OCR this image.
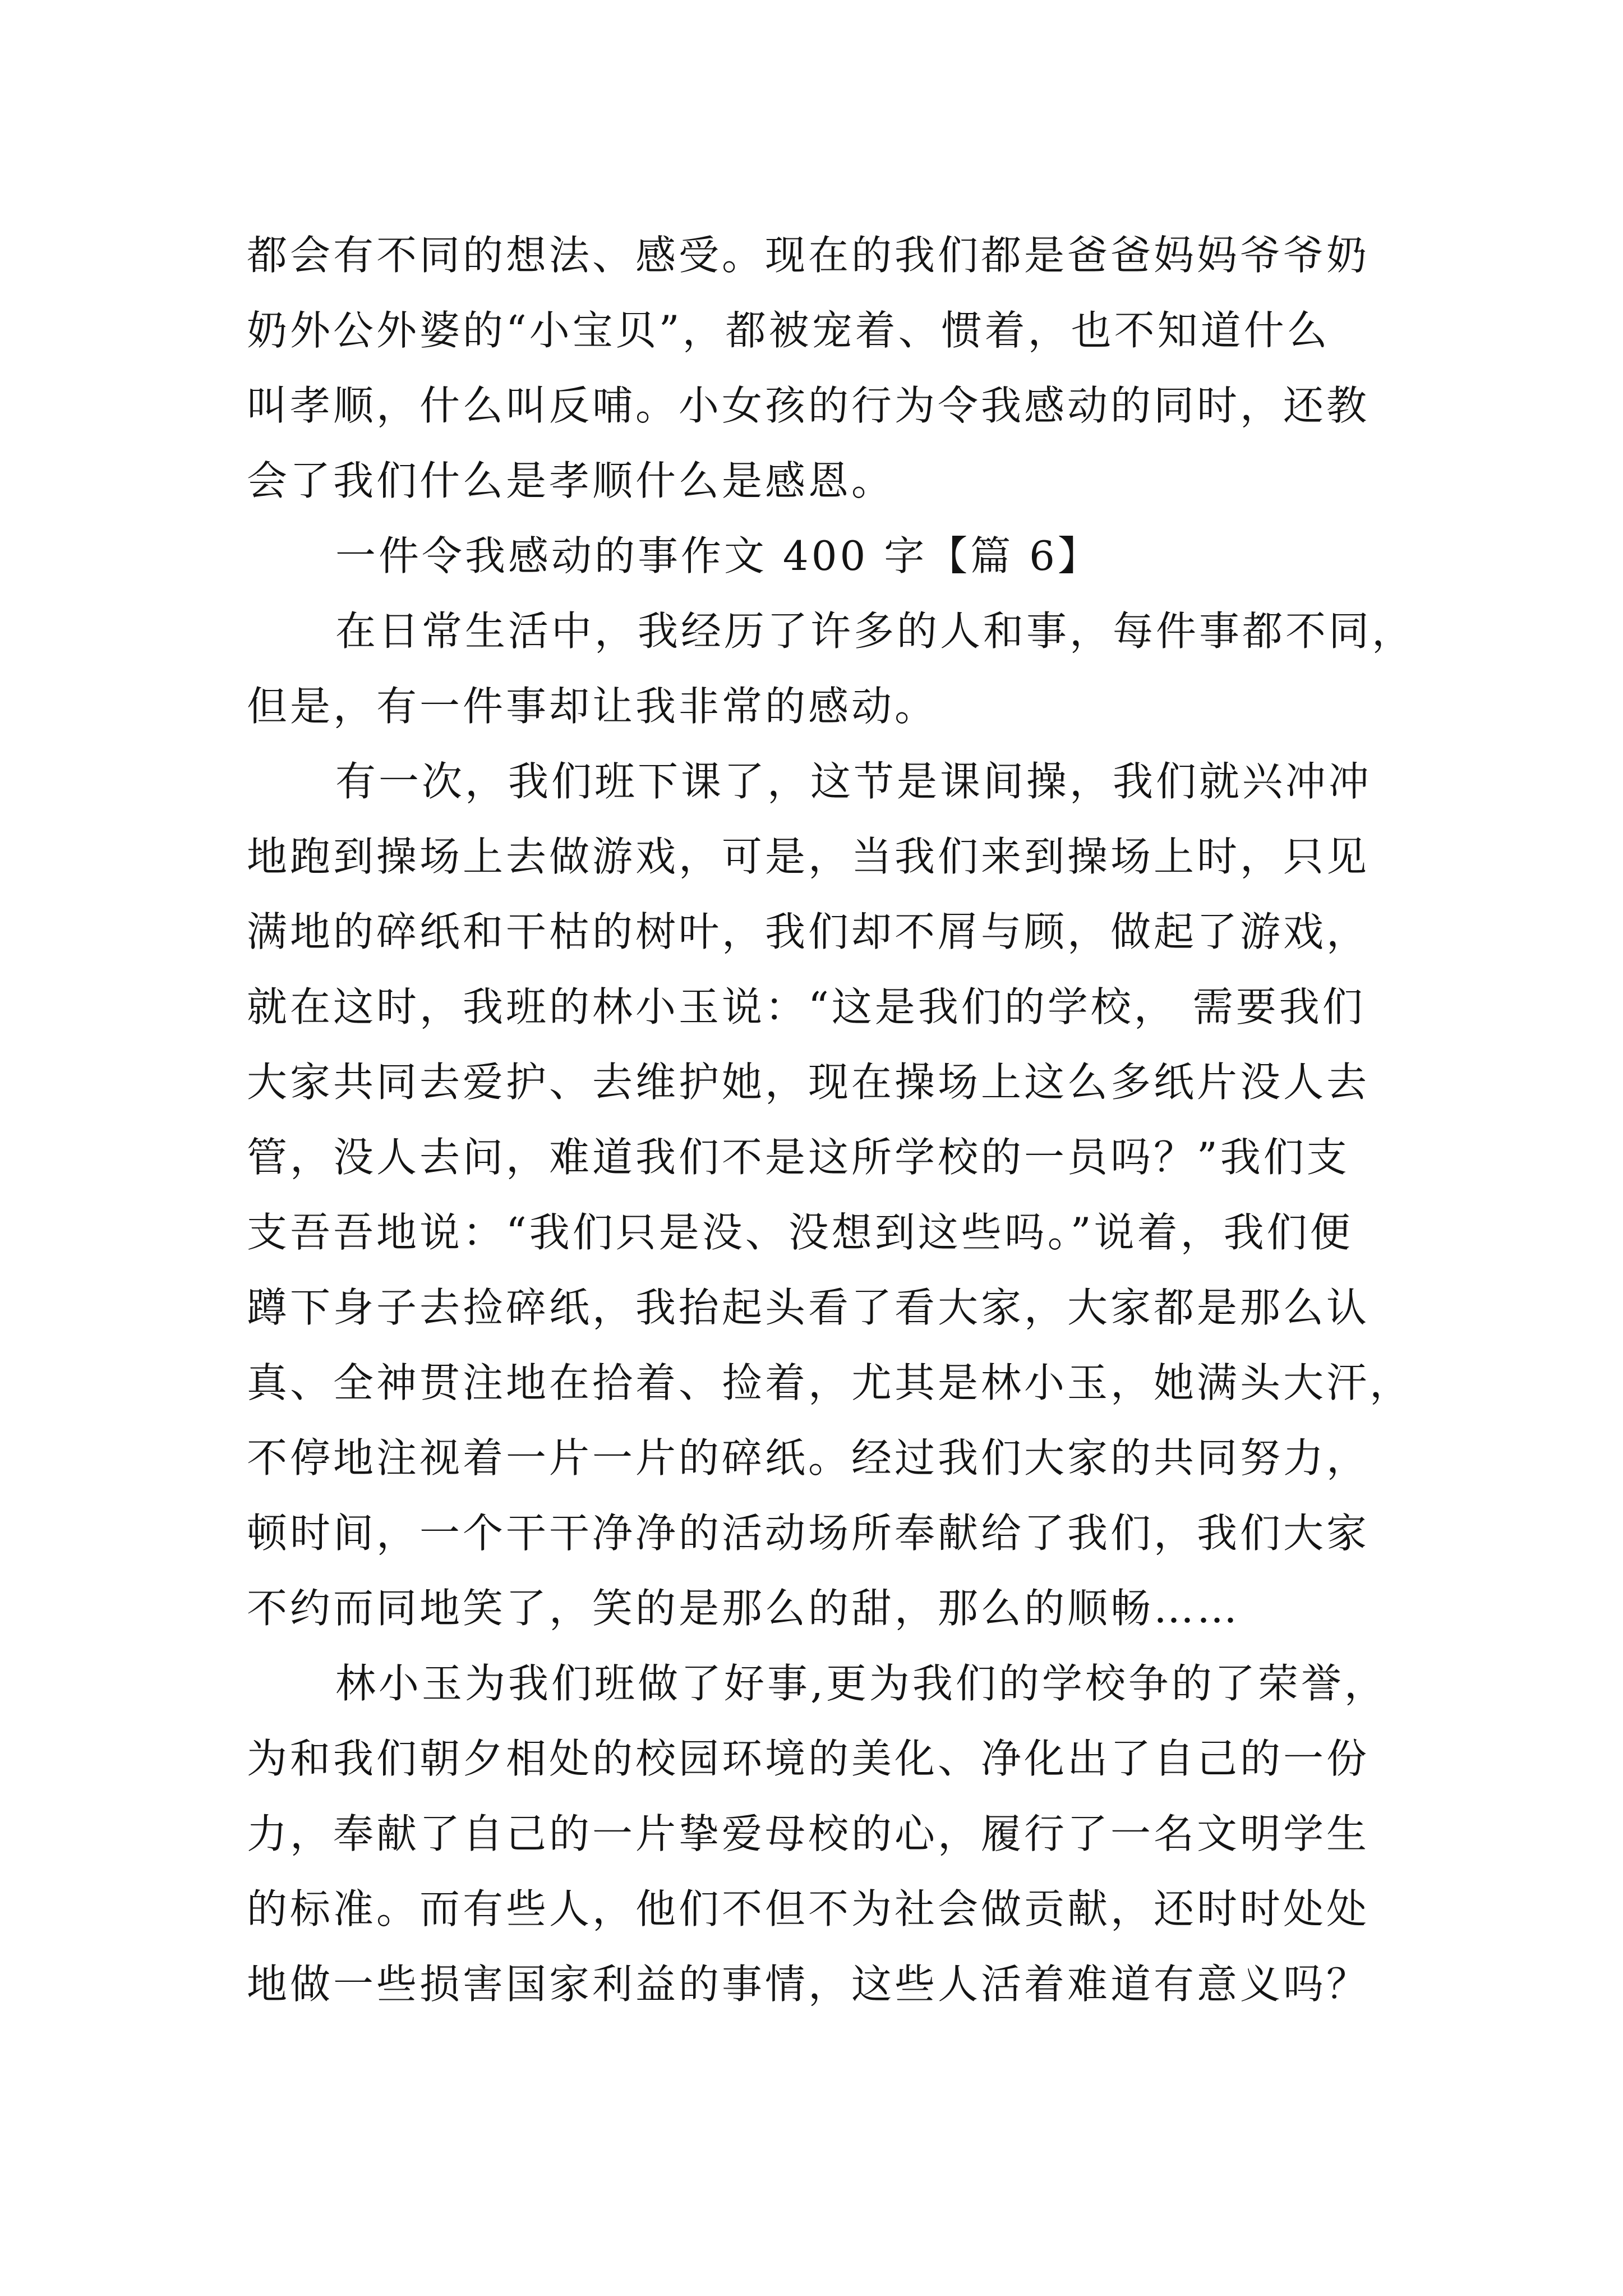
都会有不同的想法、感受。现在的我们都是爸爸妈妈爷爷奶
奶外公外婆的“小宝贝”，都被宠着、惯着，也不知道什么
叫孝顺，什么叫反哺。小女孩的行为令我感动的同时，还教
会了我们什么是孝顺什么是感恩。
一件令我感动的事作文 400 字【篇 6】
在日常生活中，我经历了许多的人和事，每件事都不同，
但是，有一件事却让我非常的感动。
有一次，我们班下课了，这节是课间操，我们就兴冲冲
地跑到操场上去做游戏，可是，当我们来到操场上时，只见
满地的碎纸和干枯的树叶，我们却不屑与顾，做起了游戏，
就在这时，我班的林小玉说：“这是我们的学校， 需要我们
大家共同去爱护、去维护她，现在操场上这么多纸片没人去
管，没人去问，难道我们不是这所学校的一员吗？”我们支
支吾吾地说：“我们只是没、没想到这些吗。”说着，我们便
蹲下身子去捡碎纸，我抬起头看了看大家，大家都是那么认
真、全神贯注地在拾着、捡着，尤其是林小玉，她满头大汗，
不停地注视着一片一片的碎纸。经过我们大家的共同努力，
顿时间，一个干干净净的活动场所奉献给了我们，我们大家
不约而同地笑了，笑的是那么的甜，那么的顺畅……
林小玉为我们班做了好事,更为我们的学校争的了荣誉，
为和我们朝夕相处的校园环境的美化、净化出了自己的一份
力，奉献了自己的一片挚爱母校的心，履行了一名文明学生
的标准。而有些人，他们不但不为社会做贡献，还时时处处
地做一些损害国家利益的事情，这些人活着难道有意义吗？
